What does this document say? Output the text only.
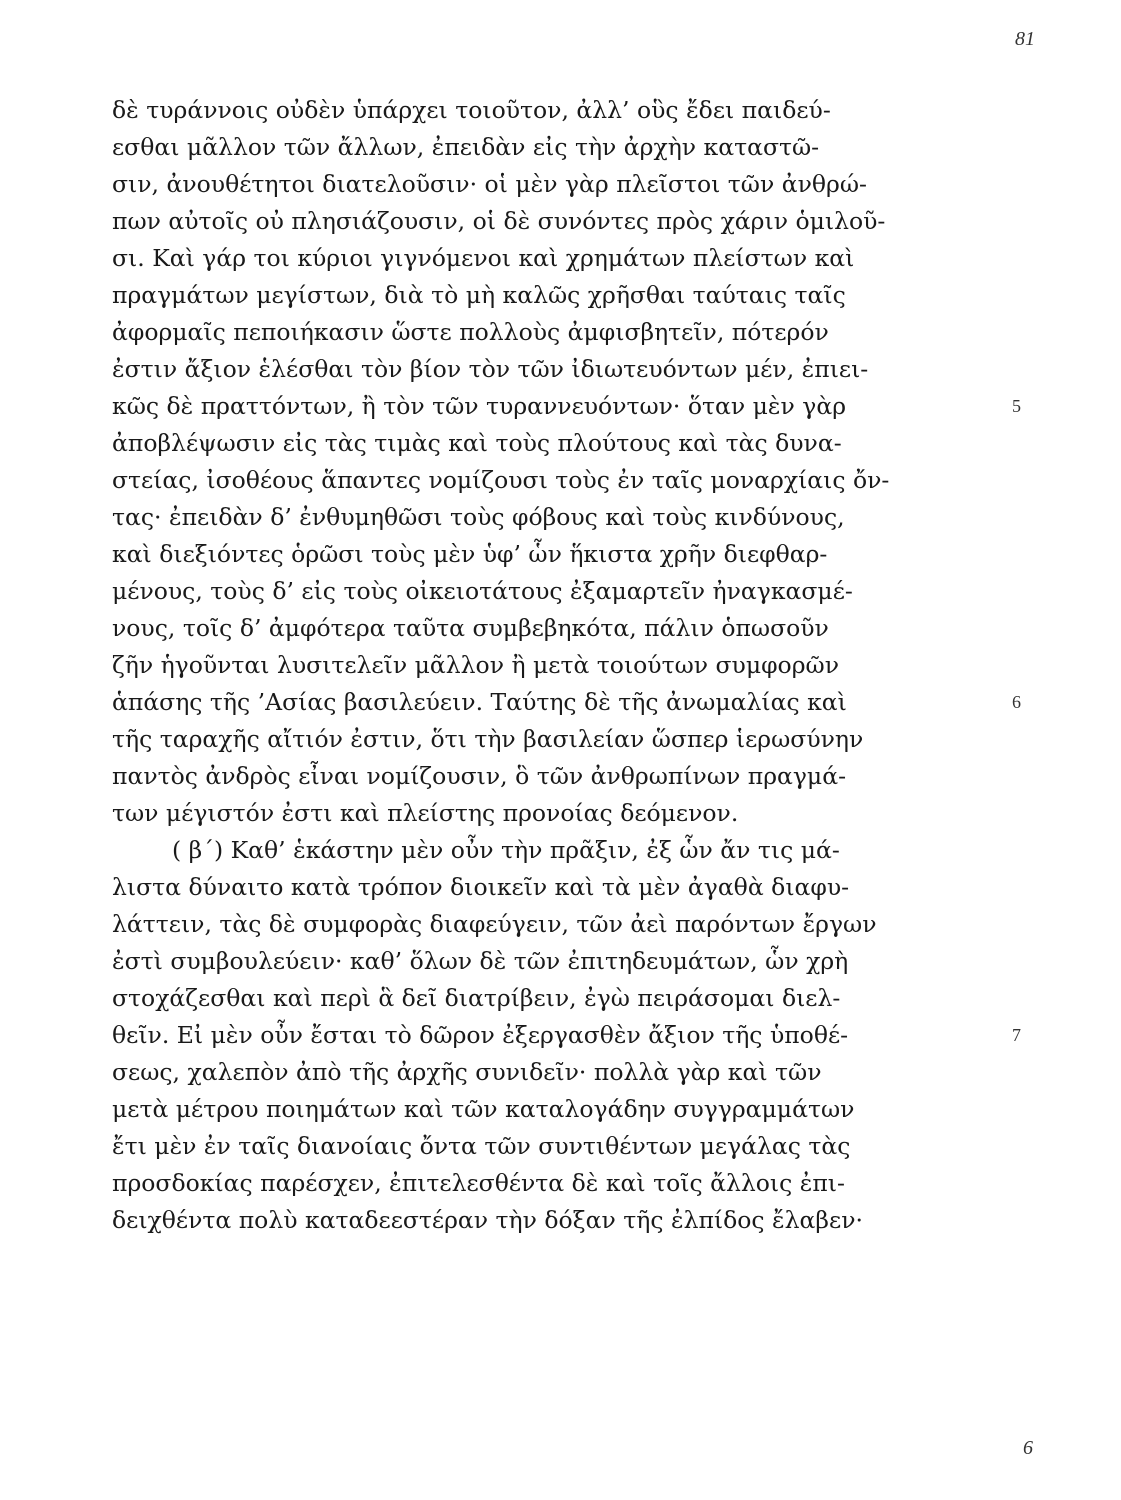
81
δὲ τυράννοις οὐδὲν ὑπάρχει τοιοῦτον, ἀλλ’ οὓς ἔδει παιδεύ-
εσθαι μᾶλλον τῶν ἄλλων, ἐπειδὰν εἰς τὴν ἀρχὴν καταστῶ-
σιν, ἀνουθέτητοι διατελοῦσιν· οἱ μὲν γὰρ πλεῖστοι τῶν ἀνθρώ-
πων αὐτοῖς οὐ πλησιάζουσιν, οἱ δὲ συνόντες πρὸς χάριν ὁμιλοῦ-
σι. Καὶ γάρ τοι κύριοι γιγνόμενοι καὶ χρημάτων πλείστων καὶ
πραγμάτων μεγίστων, διὰ τὸ μὴ καλῶς χρῆσθαι ταύταις ταῖς
ἀφορμαῖς πεποιήκασιν ὥστε πολλοὺς ἀμφισβητεῖν, πότερόν
ἐστιν ἄξιον ἑλέσθαι τὸν βίον τὸν τῶν ἰδιωτευόντων μέν, ἐπιει-
κῶς δὲ πραττόντων, ἢ τὸν τῶν τυραννευόντων· ὅταν μὲν γὰρ	5
ἀποβλέψωσιν εἰς τὰς τιμὰς καὶ τοὺς πλούτους καὶ τὰς δυνα-
στείας, ἰσοθέους ἅπαντες νομίζουσι τοὺς ἐν ταῖς μοναρχίαις ὄν-
τας· ἐπειδὰν δ’ ἐνθυμηθῶσι τοὺς φόβους καὶ τοὺς κινδύνους,
καὶ διεξιόντες ὁρῶσι τοὺς μὲν ὑφ’ ὧν ἥκιστα χρῆν διεφθαρ-
μένους, τοὺς δ’ εἰς τοὺς οἰκειοτάτους ἐξαμαρτεῖν ἠναγκασμέ-
νους, τοῖς δ’ ἀμφότερα ταῦτα συμβεβηκότα, πάλιν ὁπωσοῦν
ζῆν ἡγοῦνται λυσιτελεῖν μᾶλλον ἢ μετὰ τοιούτων συμφορῶν
ἁπάσης τῆς ’Ασίας βασιλεύειν. Ταύτης δὲ τῆς ἀνωμαλίας καὶ	6
τῆς ταραχῆς αἴτιόν ἐστιν, ὅτι τὴν βασιλείαν ὥσπερ ἱερωσύνην
παντὸς ἀνδρὸς εἶναι νομίζουσιν, ὃ τῶν ἀνθρωπίνων πραγμά-
των μέγιστόν ἐστι καὶ πλείστης προνοίας δεόμενον.
( β΄) Καθ’ ἑκάστην μὲν οὖν τὴν πρᾶξιν, ἐξ ὧν ἄν τις μά-
λιστα δύναιτο κατὰ τρόπον διοικεῖν καὶ τὰ μὲν ἀγαθὰ διαφυ-
λάττειν, τὰς δὲ συμφορὰς διαφεύγειν, τῶν ἀεὶ παρόντων ἔργων
ἐστὶ συμβουλεύειν· καθ’ ὅλων δὲ τῶν ἐπιτηδευμάτων, ὧν χρὴ
στοχάζεσθαι καὶ περὶ ἃ δεῖ διατρίβειν, ἐγὼ πειράσομαι διελ-
θεῖν. Εἰ μὲν οὖν ἔσται τὸ δῶρον ἐξεργασθὲν ἄξιον τῆς ὑποθέ-	7
σεως, χαλεπὸν ἀπὸ τῆς ἀρχῆς συνιδεῖν· πολλὰ γὰρ καὶ τῶν
μετὰ μέτρου ποιημάτων καὶ τῶν καταλογάδην συγγραμμάτων
ἔτι μὲν ἐν ταῖς διανοίαις ὄντα τῶν συντιθέντων μεγάλας τὰς
προσδοκίας παρέσχεν, ἐπιτελεσθέντα δὲ καὶ τοῖς ἄλλοις ἐπι-
δειχθέντα πολὺ καταδεεστέραν τὴν δόξαν τῆς ἐλπίδος ἔλαβεν·
6
